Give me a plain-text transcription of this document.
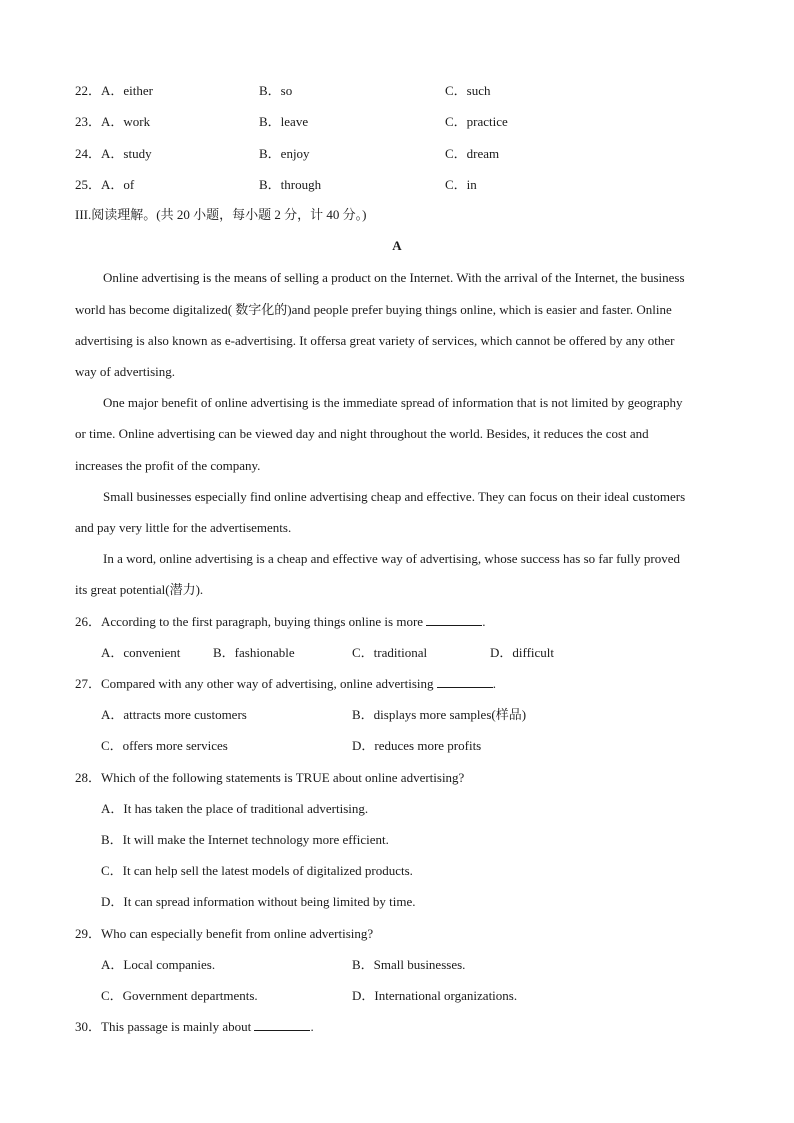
22．A．either	B．so	C．such
23．A．work	B．leave	C．practice
24．A．study	B．enjoy	C．dream
25．A．of	B．through	C．in
III.阅读理解。(共 20 小题，每小题 2 分，计 40 分。)
A
Online advertising is the means of selling a product on the Internet. With the arrival of the Internet, the business
world has become digitalized( 数字化的)and people prefer buying things online, which is easier and faster. Online
advertising is also known as e-advertising. It offersa great variety of services, which cannot be offered by any other
way of advertising.
One major benefit of online advertising is the immediate spread of information that is not limited by geography
or time. Online advertising can be viewed day and night throughout the world. Besides, it reduces the cost and
increases the profit of the company.
Small businesses especially find online advertising cheap and effective. They can focus on their ideal customers
and pay very little for the advertisements.
In a word, online advertising is a cheap and effective way of advertising, whose success has so far fully proved
its great potential(潜力).
26．According to the first paragraph, buying things online is more	.
A．convenient	B．fashionable	C．traditional	D．difficult
27．Compared with any other way of advertising, online advertising	.
A．attracts more customers	B．displays more samples(样品)
C．offers more services	D．reduces more profits
28．Which of the following statements is TRUE about online advertising?
A．It has taken the place of traditional advertising.
B．It will make the Internet technology more efficient.
C．It can help sell the latest models of digitalized products.
D．It can spread information without being limited by time.
29．Who can especially benefit from online advertising?
A．Local companies.	B．Small businesses.
C．Government departments.	D．International organizations.
30．This passage is mainly about	.
